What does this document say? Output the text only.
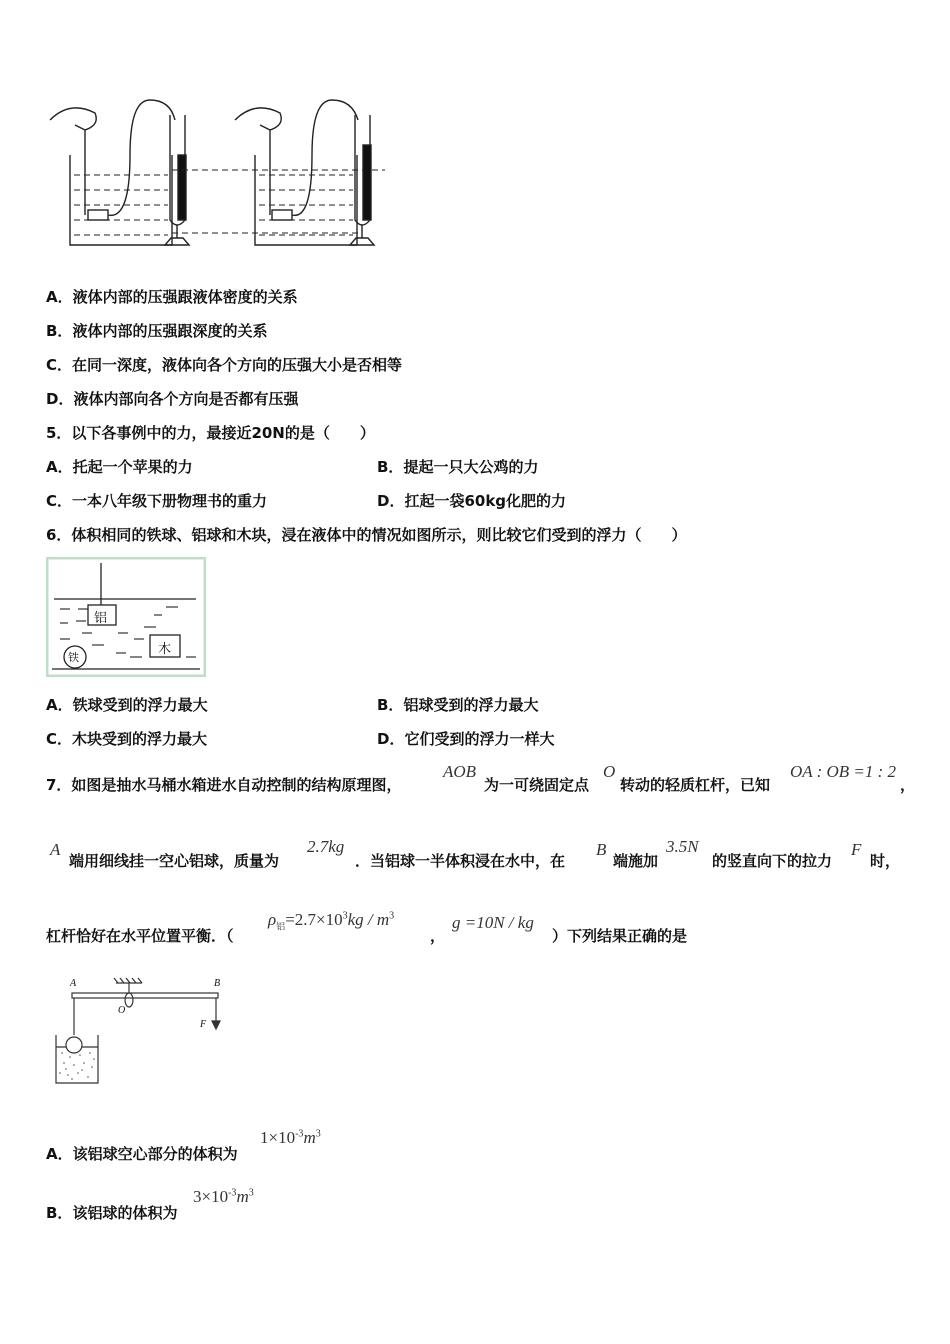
A．液体内部的压强跟液体密度的关系
B．液体内部的压强跟深度的关系
C．在同一深度，液体向各个方向的压强大小是否相等
D．液体内部向各个方向是否都有压强
5．以下各事例中的力，最接近20N的是（　　）
A．托起一个苹果的力	B．提起一只大公鸡的力
C．一本八年级下册物理书的重力	D．扛起一袋60kg化肥的力
6．体积相同的铁球、铝球和木块，浸在液体中的情况如图所示，则比较它们受到的浮力（　　）
铝
木
铁
A．铁球受到的浮力最大	B．铝球受到的浮力最大
C．木块受到的浮力最大	D．它们受到的浮力一样大
7．如图是抽水马桶水箱进水自动控制的结构原理图，
AOB
为一可绕固定点
O
转动的轻质杠杆，已知
OA : OB =1 : 2
，
A
端用细线挂一空心铝球，质量为
2.7kg
．当铝球一半体积浸在水中，在
B
端施加
3.5N
的竖直向下的拉力
F
时，
杠杆恰好在水平位置平衡．（
$\rho_铝=2.7\times 10^3kg / m^3$
，
g =10N / kg
）下列结果正确的是
A	B
O
F
A．该铝球空心部分的体积为
$1\times 10^{-3}m^3$
B．该铝球的体积为
$3\times 10^{-3}m^3$
